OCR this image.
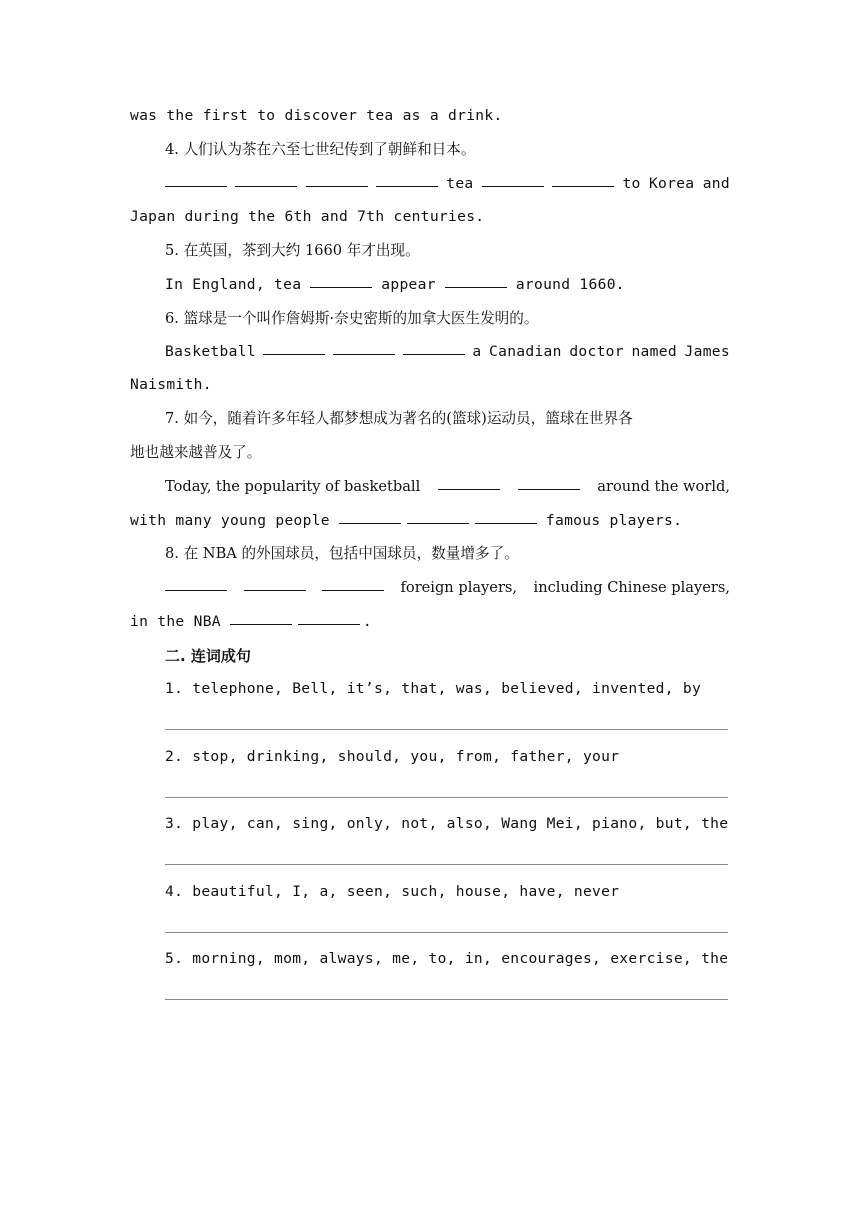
was the first to discover tea as a drink.
4. 人们认为茶在六至七世纪传到了朝鲜和日本。
tea	to Korea and
Japan during the 6th and 7th centuries.
5. 在英国，茶到大约 1660 年才出现。
In England, tea	appear	around 1660.
6. 篮球是一个叫作詹姆斯·奈史密斯的加拿大医生发明的。
Basketball	a Canadian doctor named James
Naismith.
7. 如今，随着许多年轻人都梦想成为著名的(篮球)运动员，篮球在世界各
地也越来越普及了。
Today, the popularity of basketball	around the world,
with many young people	famous players.
8. 在 NBA 的外国球员，包括中国球员，数量增多了。
foreign players, including Chinese players,
in the NBA	.
二. 连词成句
1. telephone, Bell, it’s, that, was, believed, invented, by
2. stop, drinking, should, you, from, father, your
3. play, can, sing, only, not, also, Wang Mei, piano, but, the
4. beautiful, I, a, seen, such, house, have, never
5. morning, mom, always, me, to, in, encourages, exercise, the
